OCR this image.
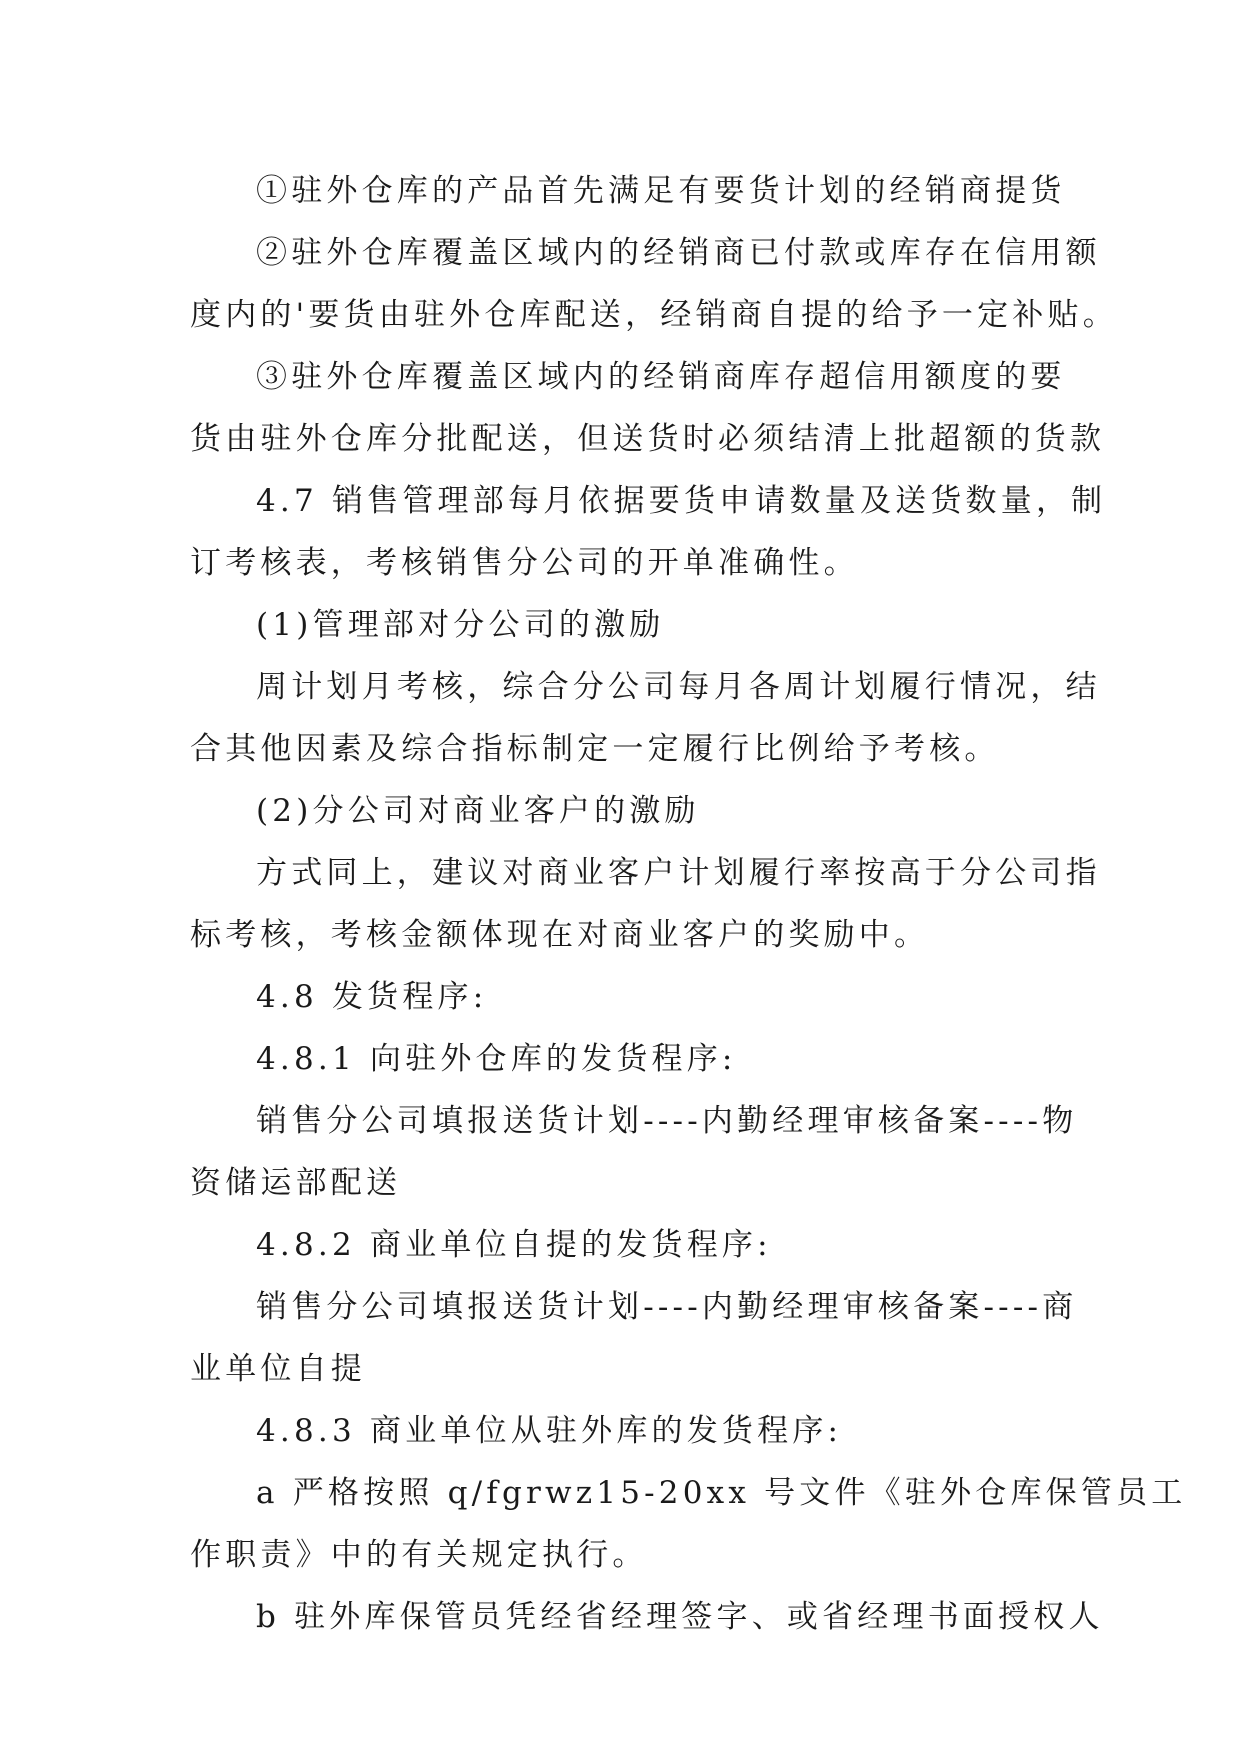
①驻外仓库的产品首先满足有要货计划的经销商提货
②驻外仓库覆盖区域内的经销商已付款或库存在信用额
度内的'要货由驻外仓库配送，经销商自提的给予一定补贴。
③驻外仓库覆盖区域内的经销商库存超信用额度的要
货由驻外仓库分批配送，但送货时必须结清上批超额的货款
4.7 销售管理部每月依据要货申请数量及送货数量，制
订考核表，考核销售分公司的开单准确性。
(1)管理部对分公司的激励
周计划月考核，综合分公司每月各周计划履行情况，结
合其他因素及综合指标制定一定履行比例给予考核。
(2)分公司对商业客户的激励
方式同上，建议对商业客户计划履行率按高于分公司指
标考核，考核金额体现在对商业客户的奖励中。
4.8 发货程序:
4.8.1 向驻外仓库的发货程序:
销售分公司填报送货计划----内勤经理审核备案----物
资储运部配送
4.8.2 商业单位自提的发货程序:
销售分公司填报送货计划----内勤经理审核备案----商
业单位自提
4.8.3 商业单位从驻外库的发货程序:
a 严格按照 q/fgrwz15-20xx 号文件《驻外仓库保管员工
作职责》中的有关规定执行。
b 驻外库保管员凭经省经理签字、或省经理书面授权人
